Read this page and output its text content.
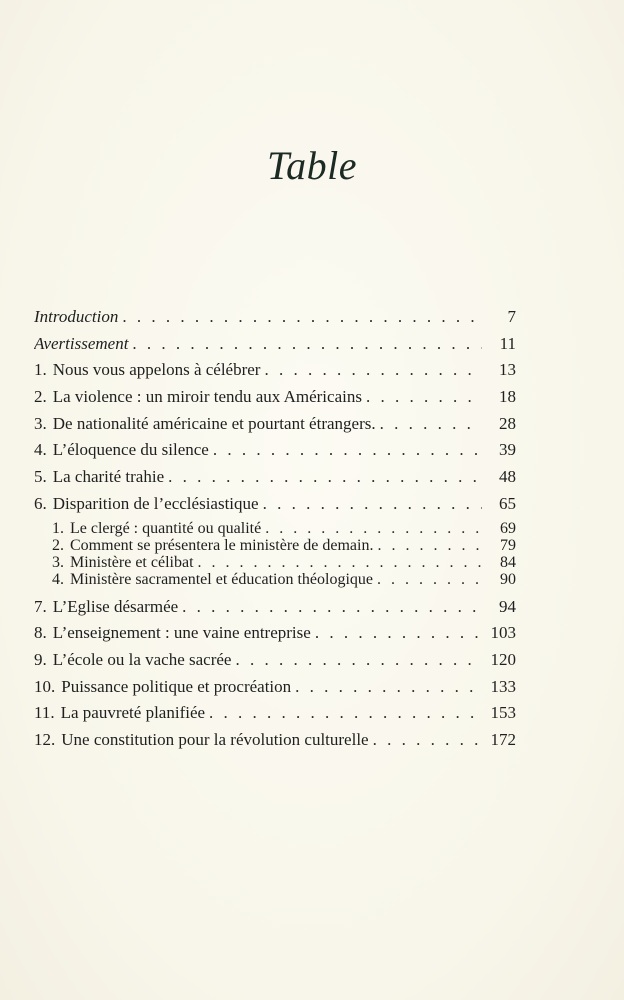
Table
Introduction . . .	7
Avertissement . . .	11
1. Nous vous appelons à célébrer . . .	13
2. La violence : un miroir tendu aux Américains . . .	18
3. De nationalité américaine et pourtant étrangers. . . .	28
4. L’éloquence du silence . . .	39
5. La charité trahie . . .	48
6. Disparition de l’ecclésiastique . . .	65
1. Le clergé : quantité ou qualité . . .	69
2. Comment se présentera le ministère de demain. . . .	79
3. Ministère et célibat . . .	84
4. Ministère sacramentel et éducation théologique . . .	90
7. L’Eglise désarmée . . .	94
8. L’enseignement : une vaine entreprise . . .	103
9. L’école ou la vache sacrée . . .	120
10. Puissance politique et procréation . . .	133
11. La pauvreté planifiée . . .	153
12. Une constitution pour la révolution culturelle . . .	172
